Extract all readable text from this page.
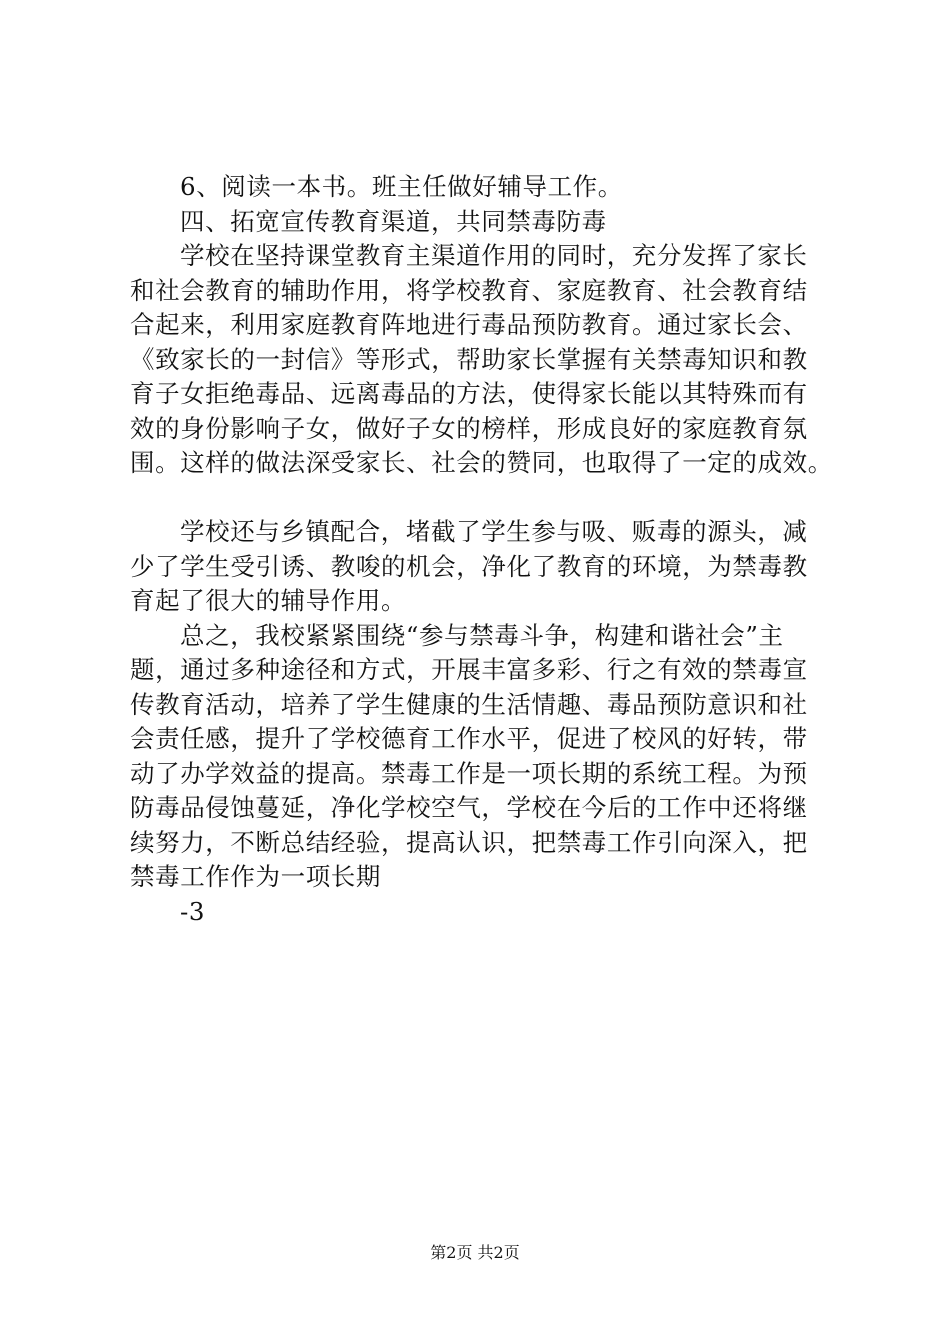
6、阅读一本书。班主任做好辅导工作。
四、拓宽宣传教育渠道，共同禁毒防毒
学校在坚持课堂教育主渠道作用的同时，充分发挥了家长
和社会教育的辅助作用，将学校教育、家庭教育、社会教育结
合起来，利用家庭教育阵地进行毒品预防教育。通过家长会、
《致家长的一封信》等形式，帮助家长掌握有关禁毒知识和教
育子女拒绝毒品、远离毒品的方法，使得家长能以其特殊而有
效的身份影响子女，做好子女的榜样，形成良好的家庭教育氛
围。这样的做法深受家长、社会的赞同，也取得了一定的成效。
学校还与乡镇配合，堵截了学生参与吸、贩毒的源头，减
少了学生受引诱、教唆的机会，净化了教育的环境，为禁毒教
育起了很大的辅导作用。
总之，我校紧紧围绕“参与禁毒斗争，构建和谐社会”主
题，通过多种途径和方式，开展丰富多彩、行之有效的禁毒宣
传教育活动，培养了学生健康的生活情趣、毒品预防意识和社
会责任感，提升了学校德育工作水平，促进了校风的好转，带
动了办学效益的提高。禁毒工作是一项长期的系统工程。为预
防毒品侵蚀蔓延，净化学校空气，学校在今后的工作中还将继
续努力，不断总结经验，提高认识，把禁毒工作引向深入，把
禁毒工作作为一项长期
-3
第2页 共2页
